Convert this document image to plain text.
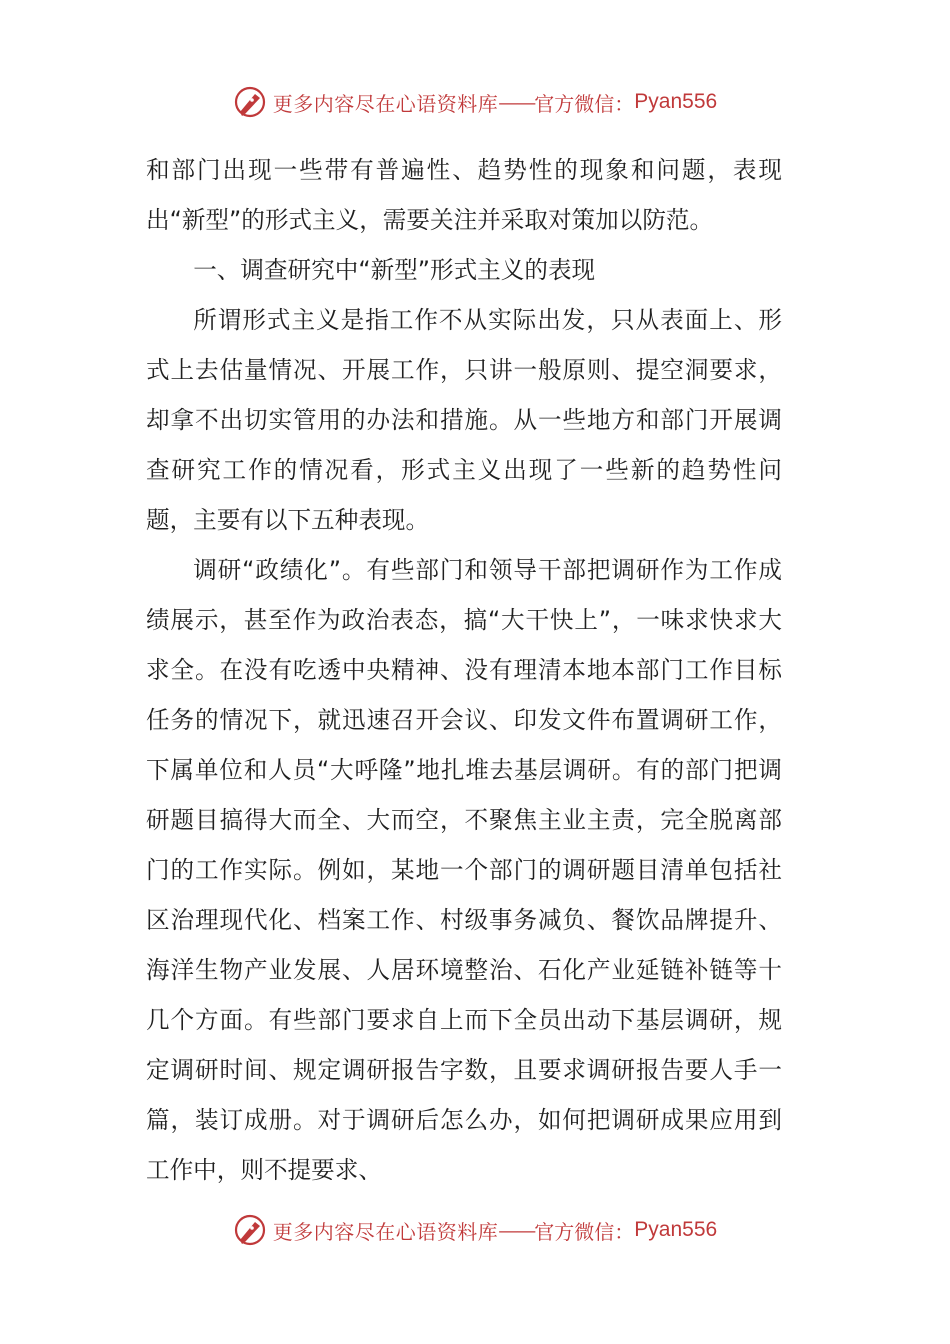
更多内容尽在心语资料库 —— 官方微信： Pyan556

和部门出现一些带有普遍性、趋势性的现象和问题，表现出“新型”的形式主义，需要关注并采取对策加以防范。

一、调查研究中“新型”形式主义的表现

所谓形式主义是指工作不从实际出发，只从表面上、形式上去估量情况、开展工作，只讲一般原则、提空洞要求，却拿不出切实管用的办法和措施。从一些地方和部门开展调查研究工作的情况看，形式主义出现了一些新的趋势性问题，主要有以下五种表现。

调研“政绩化”。有些部门和领导干部把调研作为工作成绩展示，甚至作为政治表态，搞“大干快上”，一味求快求大求全。在没有吃透中央精神、没有理清本地本部门工作目标任务的情况下，就迅速召开会议、印发文件布置调研工作，下属单位和人员“大呼隆”地扎堆去基层调研。有的部门把调研题目搞得大而全、大而空，不聚焦主业主责，完全脱离部门的工作实际。例如，某地一个部门的调研题目清单包括社区治理现代化、档案工作、村级事务减负、餐饮品牌提升、海洋生物产业发展、人居环境整治、石化产业延链补链等十几个方面。有些部门要求自上而下全员出动下基层调研，规定调研时间、规定调研报告字数，且要求调研报告要人手一篇，装订成册。对于调研后怎么办，如何把调研成果应用到工作中，则不提要求、

更多内容尽在心语资料库 —— 官方微信： Pyan556
